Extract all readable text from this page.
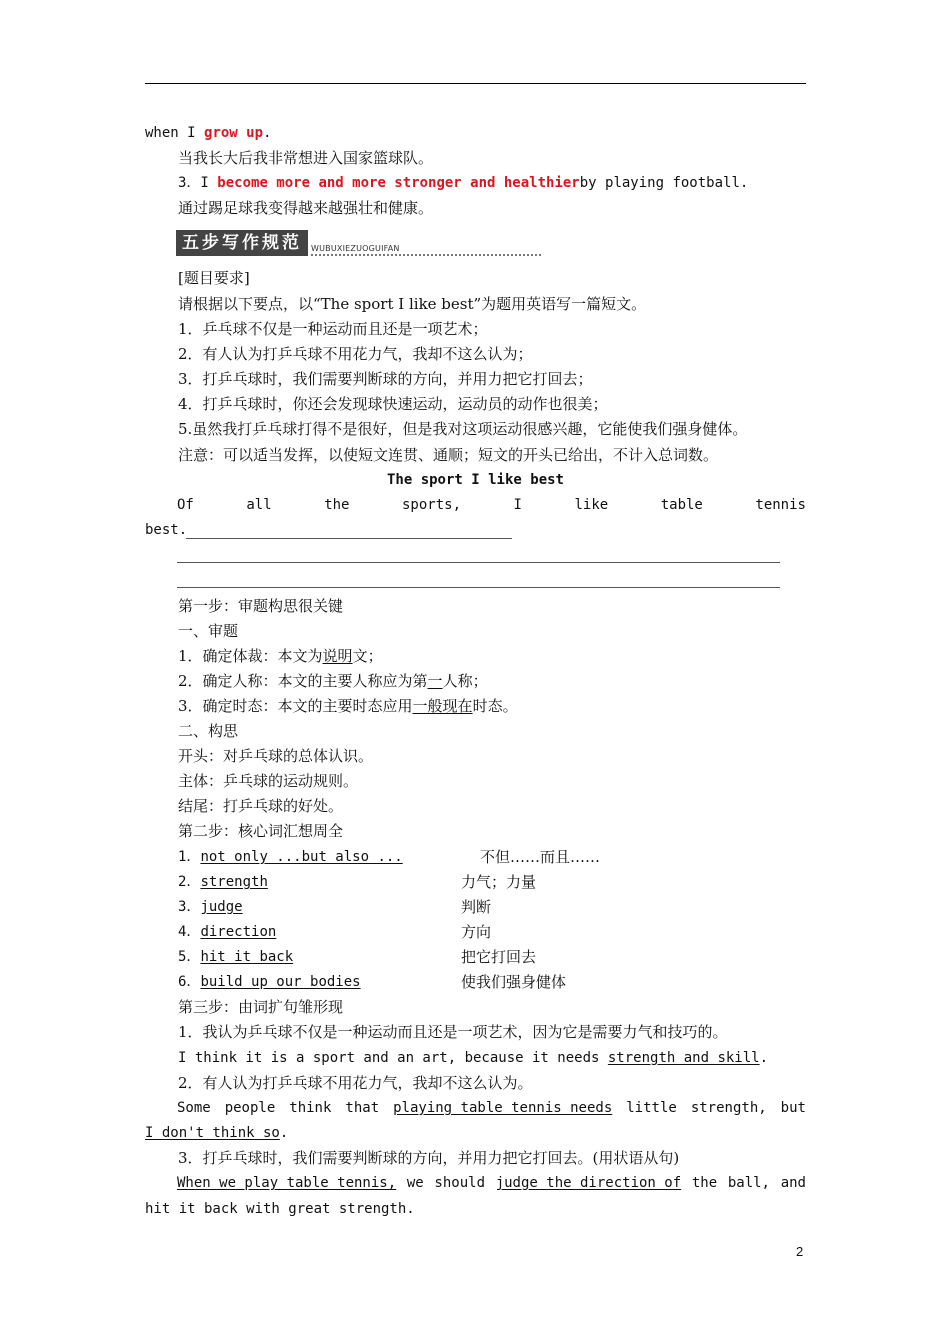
when I grow up.
当我长大后我非常想进入国家篮球队。
3．I become more and more stronger and healthierby playing football.
通过踢足球我变得越来越强壮和健康。
五步写作规范	WUBUXIEZUOGUIFAN
[题目要求]
请根据以下要点，以“The sport I like best”为题用英语写一篇短文。
1．乒乓球不仅是一种运动而且还是一项艺术；
2．有人认为打乒乓球不用花力气，我却不这么认为；
3．打乒乓球时，我们需要判断球的方向，并用力把它打回去；
4．打乒乓球时，你还会发现球快速运动，运动员的动作也很美；
5.虽然我打乒乓球打得不是很好，但是我对这项运动很感兴趣，它能使我们强身健体。
注意：可以适当发挥，以使短文连贯、通顺；短文的开头已给出，不计入总词数。
The sport I like best
Of	all	the	sports,	I	like	table	tennis
best.
第一步：审题构思很关键
一、审题
1．确定体裁：本文为说明文；
2．确定人称：本文的主要人称应为第一人称；
3．确定时态：本文的主要时态应用一般现在时态。
二、构思
开头：对乒乓球的总体认识。
主体：乒乓球的运动规则。
结尾：打乒乓球的好处。
第二步：核心词汇想周全
1．not only ...but also ...	不但……而且……
2．strength	力气；力量
3．judge	判断
4．direction	方向
5．hit it back	把它打回去
6．build up our bodies	使我们强身健体
第三步：由词扩句雏形现
1．我认为乒乓球不仅是一种运动而且还是一项艺术，因为它是需要力气和技巧的。
I think it is a sport and an art, because it needs strength and skill.
2．有人认为打乒乓球不用花力气，我却不这么认为。
Some people think that playing table tennis needs little strength, but
I don't think so.
3．打乒乓球时，我们需要判断球的方向，并用力把它打回去。(用状语从句)
When we play table tennis, we should judge the direction of the ball, and
hit it back with great strength.
2
